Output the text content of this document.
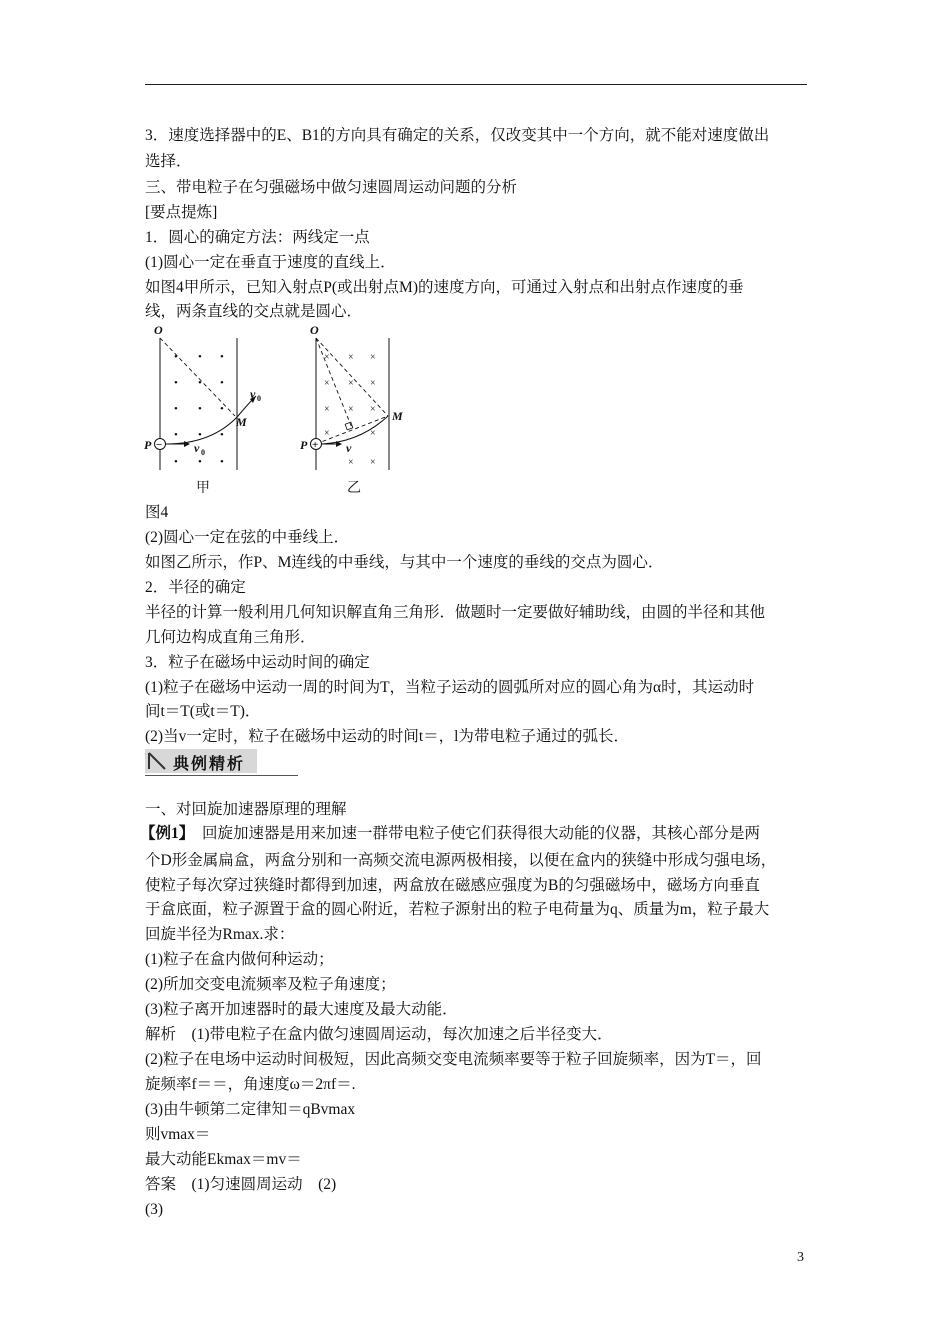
3．速度选择器中的E、B1的方向具有确定的关系，仅改变其中一个方向，就不能对速度做出
选择．
三、带电粒子在匀强磁场中做匀速圆周运动问题的分析
[要点提炼]
1．圆心的确定方法：两线定一点
(1)圆心一定在垂直于速度的直线上．
如图4甲所示，已知入射点P(或出射点M)的速度方向，可通过入射点和出射点作速度的垂
线，两条直线的交点就是圆心．
O
• • •
• • •
• • •
• • •
• • •
−
P
M
v 0
v 0
甲
O
× × ×
× × ×
× × ×
×	×
× ×
+
P
M
v
乙
图4
(2)圆心一定在弦的中垂线上．
如图乙所示，作P、M连线的中垂线，与其中一个速度的垂线的交点为圆心．
2．半径的确定
半径的计算一般利用几何知识解直角三角形．做题时一定要做好辅助线，由圆的半径和其他
几何边构成直角三角形．
3．粒子在磁场中运动时间的确定
(1)粒子在磁场中运动一周的时间为T，当粒子运动的圆弧所对应的圆心角为α时，其运动时
间t＝T(或t＝T)．
(2)当v一定时，粒子在磁场中运动的时间t＝，l为带电粒子通过的弧长．
典例精析
一、对回旋加速器原理的理解
【例1】　回旋加速器是用来加速一群带电粒子使它们获得很大动能的仪器，其核心部分是两
个D形金属扁盒，两盒分别和一高频交流电源两极相接，以便在盒内的狭缝中形成匀强电场，
使粒子每次穿过狭缝时都得到加速，两盒放在磁感应强度为B的匀强磁场中，磁场方向垂直
于盒底面，粒子源置于盒的圆心附近，若粒子源射出的粒子电荷量为q、质量为m，粒子最大
回旋半径为Rmax.求：
(1)粒子在盒内做何种运动；
(2)所加交变电流频率及粒子角速度；
(3)粒子离开加速器时的最大速度及最大动能．
解析　(1)带电粒子在盒内做匀速圆周运动，每次加速之后半径变大．
(2)粒子在电场中运动时间极短，因此高频交变电流频率要等于粒子回旋频率，因为T＝，回
旋频率f＝＝，角速度ω＝2πf＝.
(3)由牛顿第二定律知＝qBvmax
则vmax＝
最大动能Ekmax＝mv＝
答案　(1)匀速圆周运动　(2)
(3)
3
